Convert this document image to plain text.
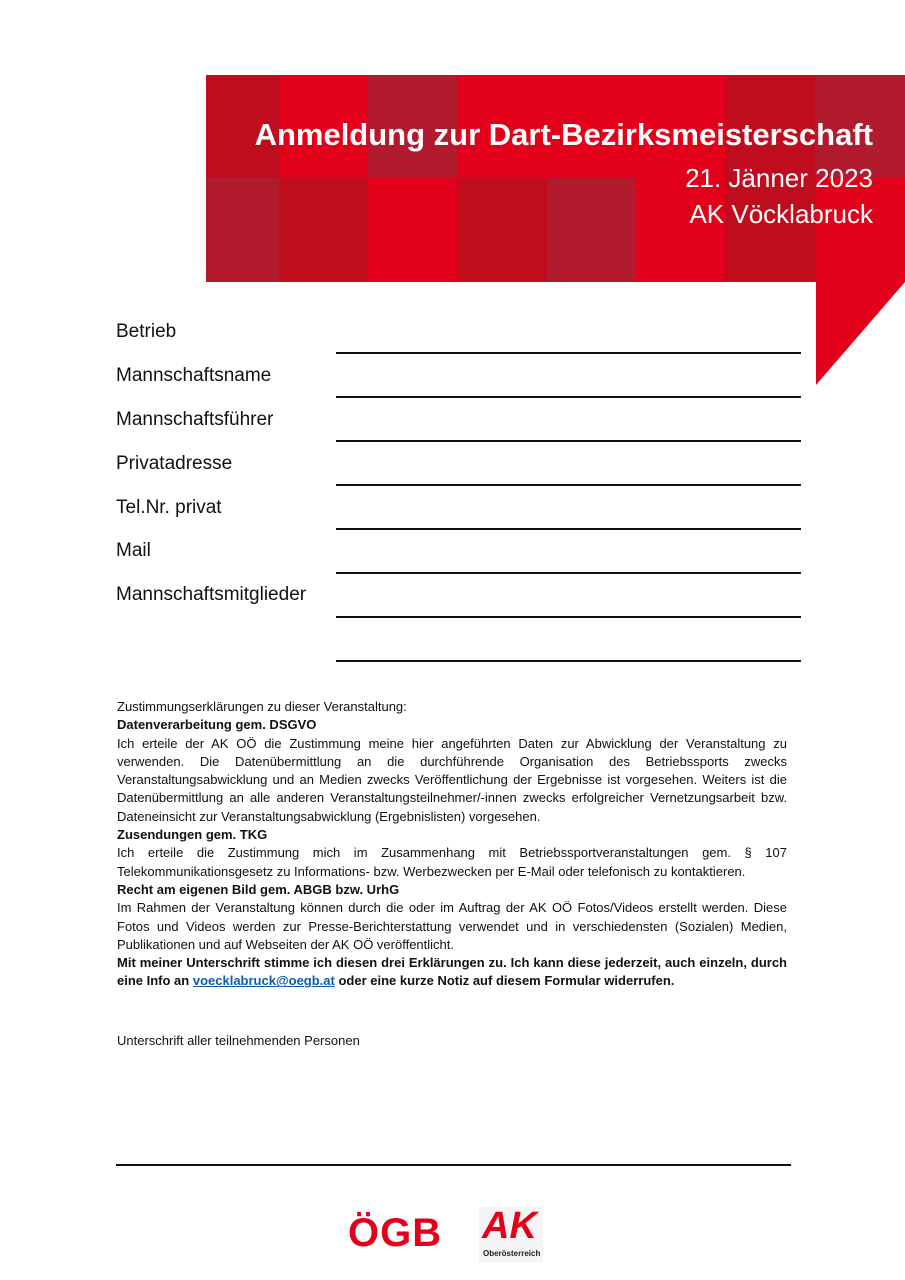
Anmeldung zur Dart-Bezirksmeisterschaft
21. Jänner 2023
AK Vöcklabruck
Betrieb
Mannschaftsname
Mannschaftsführer
Privatadresse
Tel.Nr. privat
Mail
Mannschaftsmitglieder

Zustimmungserklärungen zu dieser Veranstaltung:

Datenverarbeitung gem. DSGVO

Ich erteile der AK OÖ die Zustimmung meine hier angeführten Daten zur Abwicklung der Veranstaltung zu verwenden. Die Datenübermittlung an die durchführende Organisation des Betriebssports zwecks Veranstaltungsabwicklung und an Medien zwecks Veröffentlichung der Ergebnisse ist vorgesehen. Weiters ist die Datenübermittlung an alle anderen Veranstaltungsteilnehmer/-innen zwecks erfolgreicher Vernetzungsarbeit bzw. Dateneinsicht zur Veranstaltungsabwicklung (Ergebnislisten) vorgesehen.

Zusendungen gem. TKG

Ich erteile die Zustimmung mich im Zusammenhang mit Betriebssportveranstaltungen gem. § 107 Telekommunikationsgesetz zu Informations- bzw. Werbezwecken per E-Mail oder telefonisch zu kontaktieren.

Recht am eigenen Bild gem. ABGB bzw. UrhG

Im Rahmen der Veranstaltung können durch die oder im Auftrag der AK OÖ Fotos/Videos erstellt werden. Diese Fotos und Videos werden zur Presse-Berichterstattung verwendet und in verschiedensten (Sozialen) Medien, Publikationen und auf Webseiten der AK OÖ veröffentlicht.

Mit meiner Unterschrift stimme ich diesen drei Erklärungen zu. Ich kann diese jederzeit, auch einzeln, durch eine Info an voecklabruck@oegb.at oder eine kurze Notiz auf diesem Formular widerrufen.

Unterschrift aller teilnehmenden Personen
ÖGB AK
Oberösterreich
